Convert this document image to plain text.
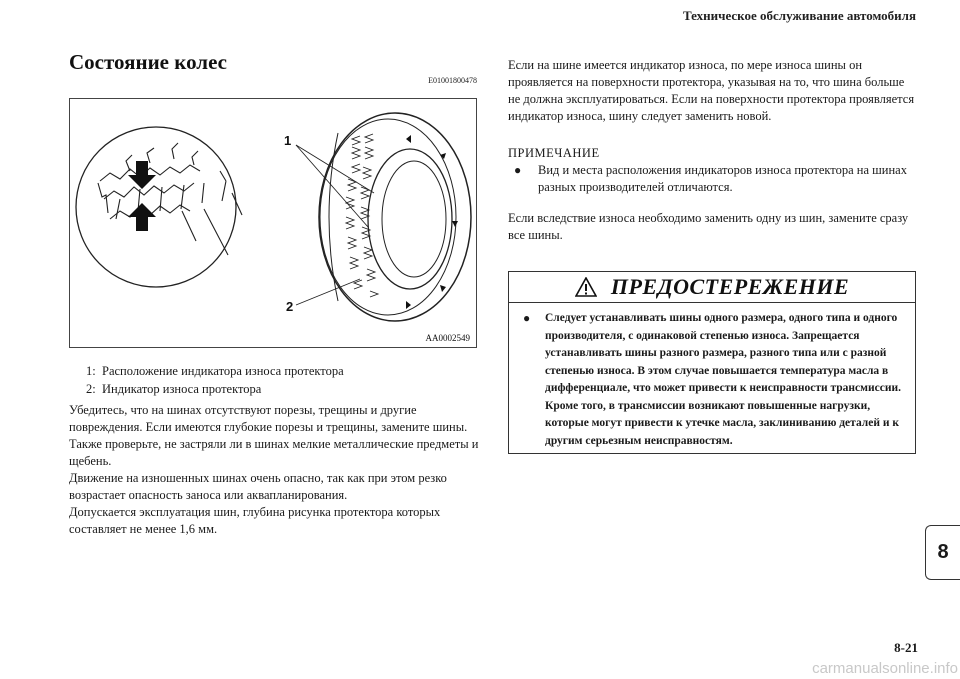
Техническое обслуживание автомобиля
Состояние колес
E01001800478
1
2
AA0002549
1: Расположение индикатора износа протектора
2: Индикатор износа протектора

Убедитесь, что на шинах отсутствуют порезы, трещины и другие повреждения. Если имеются глубокие порезы и трещины, замените шины. Также проверьте, не застряли ли в шинах мелкие металлические предметы и щебень.

Движение на изношенных шинах очень опасно, так как при этом резко возрастает опасность заноса или аквапланирования.

Допускается эксплуатация шин, глубина рисунка протектора которых составляет не менее 1,6 мм.

Если на шине имеется индикатор износа, по мере износа шины он проявляется на поверхности протектора, указывая на то, что шина больше не должна эксплуатироваться. Если на поверхности протектора проявляется индикатор износа, шину следует заменить новой.

ПРИМЕЧАНИЕ

●	Вид и места расположения индикаторов износа протектора на шинах разных производителей отличаются.

Если вследствие износа необходимо заменить одну из шин, замените сразу все шины.

ПРЕДОСТЕРЕЖЕНИЕ
●	Следует устанавливать шины одного размера, одного типа и одного производителя, с одинаковой степенью износа. Запрещается устанавливать шины разного размера, разного типа или с разной степенью износа. В этом случае повышается температура масла в дифференциале, что может привести к неисправности трансмиссии. Кроме того, в трансмиссии возникают повышенные нагрузки, которые могут привести к утечке масла, заклиниванию деталей и к другим серьезным неисправностям.
8
8-21
carmanualsonline.info
